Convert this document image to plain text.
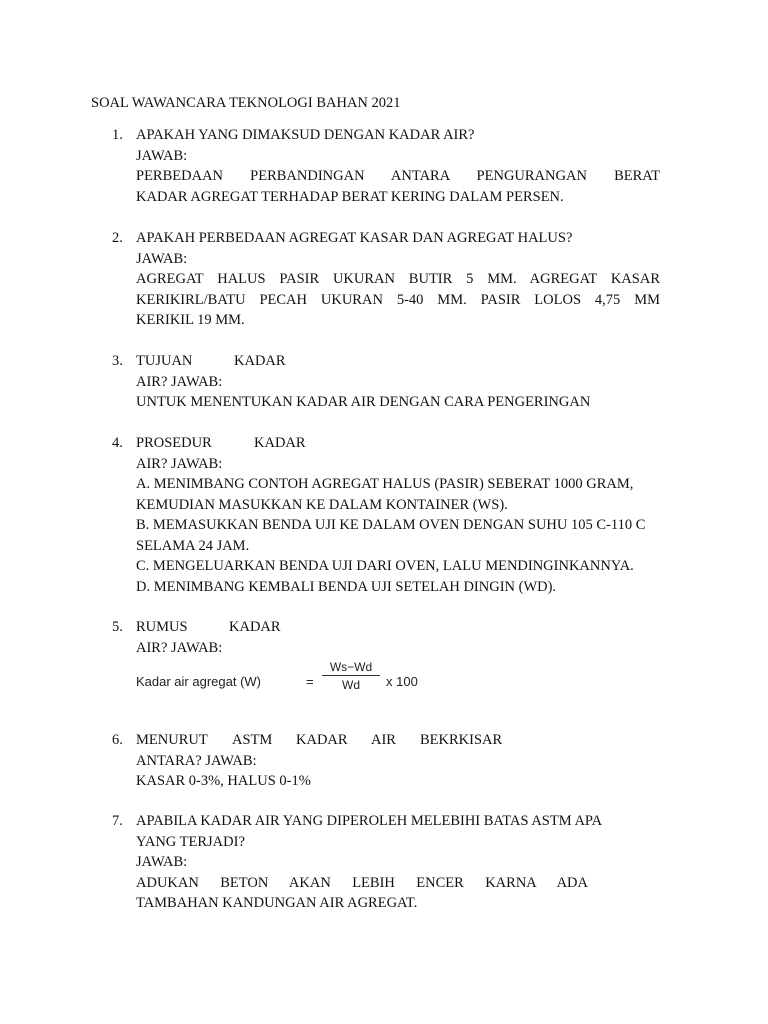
SOAL WAWANCARA TEKNOLOGI BAHAN 2021
1. APAKAH YANG DIMAKSUD DENGAN KADAR AIR?
JAWAB:
PERBEDAAN PERBANDINGAN ANTARA PENGURANGAN BERAT
KADAR AGREGAT TERHADAP BERAT KERING DALAM PERSEN.
2. APAKAH PERBEDAAN AGREGAT KASAR DAN AGREGAT HALUS?
JAWAB:
AGREGAT HALUS PASIR UKURAN BUTIR 5 MM. AGREGAT KASAR
KERIKIRL/BATU PECAH UKURAN 5-40 MM. PASIR LOLOS 4,75 MM
KERIKIL 19 MM.
3. TUJUAN	KADAR
AIR? JAWAB:
UNTUK MENENTUKAN KADAR AIR DENGAN CARA PENGERINGAN
4. PROSEDUR	KADAR
AIR? JAWAB:
A. MENIMBANG CONTOH AGREGAT HALUS (PASIR) SEBERAT 1000 GRAM,
KEMUDIAN MASUKKAN KE DALAM KONTAINER (WS).
B. MEMASUKKAN BENDA UJI KE DALAM OVEN DENGAN SUHU 105 C-110 C
SELAMA 24 JAM.
C. MENGELUARKAN BENDA UJI DARI OVEN, LALU MENDINGINKANNYA.
D. MENIMBANG KEMBALI BENDA UJI SETELAH DINGIN (WD).
5. RUMUS	KADAR
AIR? JAWAB:
Kadar air agregat (W)	= $\frac{Ws-Wd}{Wd}$ x 100
6. MENURUT	ASTM	KADAR	AIR	BEKRKISAR
ANTARA? JAWAB:
KASAR 0-3%, HALUS 0-1%
7. APABILA KADAR AIR YANG DIPEROLEH MELEBIHI BATAS ASTM APA
YANG TERJADI?
JAWAB:
ADUKAN BETON AKAN LEBIH ENCER KARNA ADA
TAMBAHAN KANDUNGAN AIR AGREGAT.
